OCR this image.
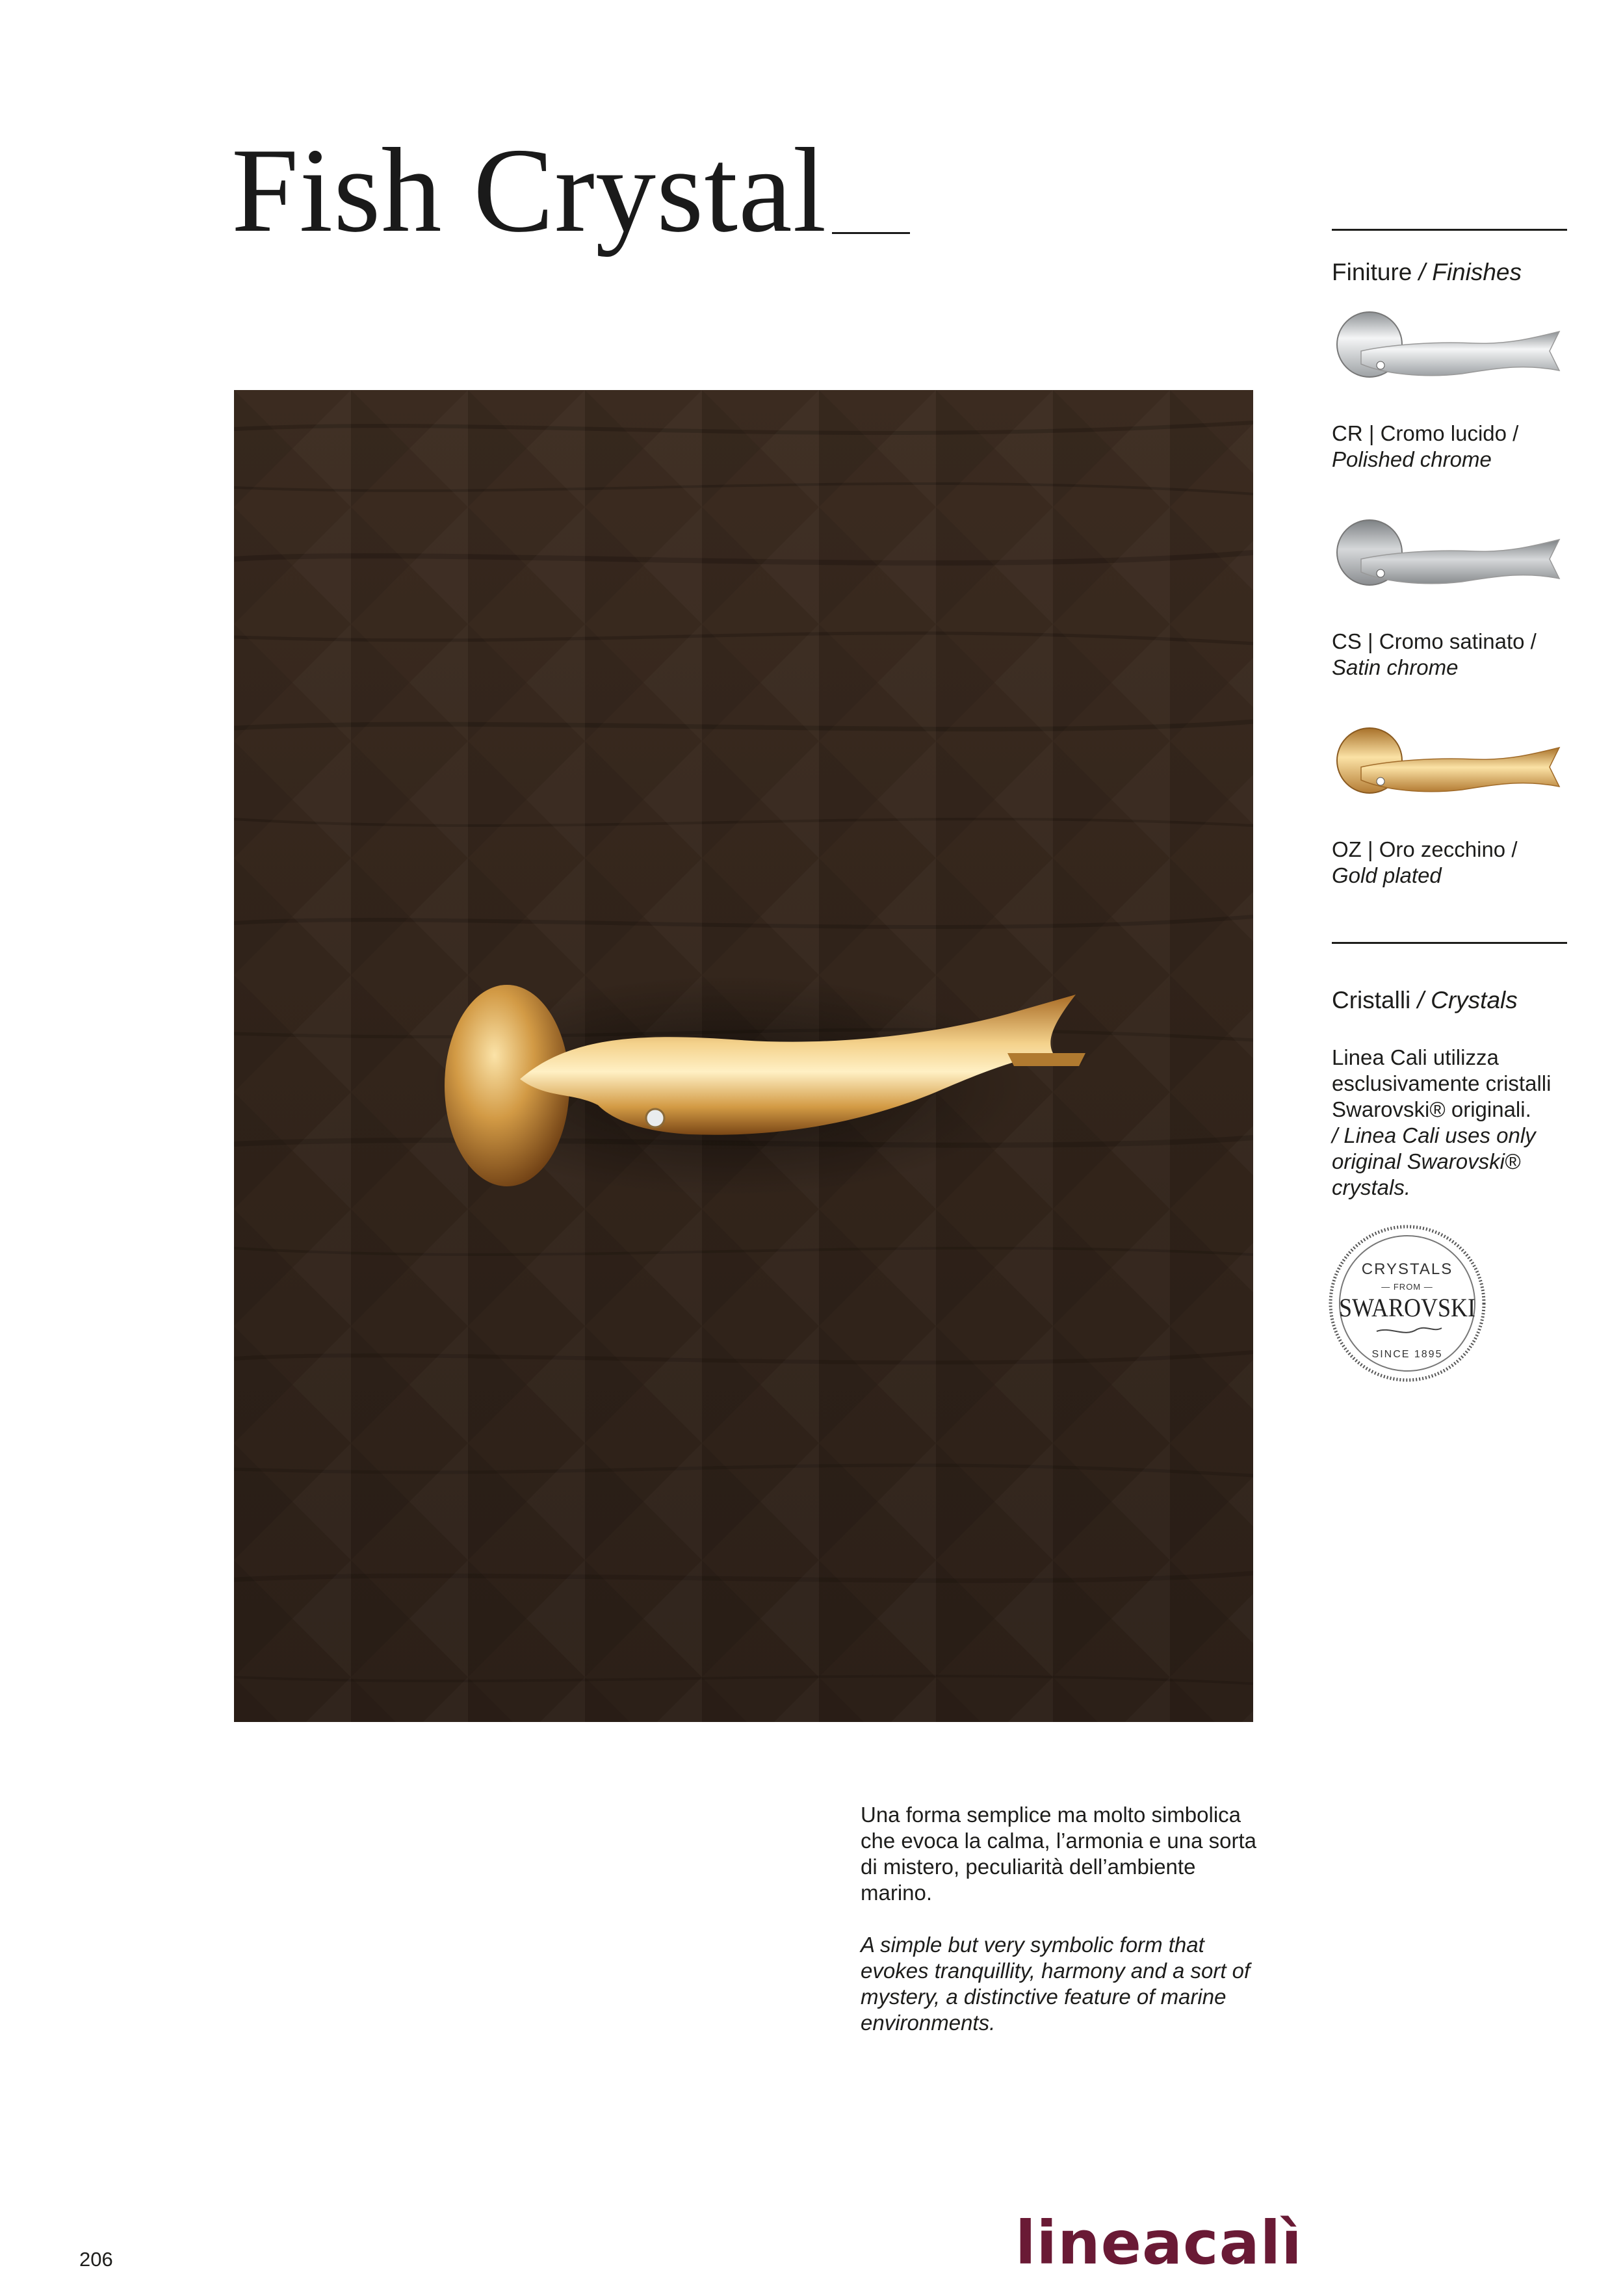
Fish Crystal
Finiture / Finishes
CR | Cromo lucido /
Polished chrome
CS | Cromo satinato /
Satin chrome
OZ | Oro zecchino /
Gold plated
Cristalli / Crystals
Linea Cali utilizza esclusivamente cristalli Swarovski® originali.
/ Linea Cali uses only original Swarovski® crystals.
CRYSTALS
— FROM —
SWAROVSKI
SINCE 1895

Una forma semplice ma molto simbolica che evoca la calma, l’armonia e una sorta di mistero, peculiarità dell’ambiente marino.

A simple but very symbolic form that evokes tranquillity, harmony and a sort of mystery, a distinctive feature of marine environments.

206	lineacalì
